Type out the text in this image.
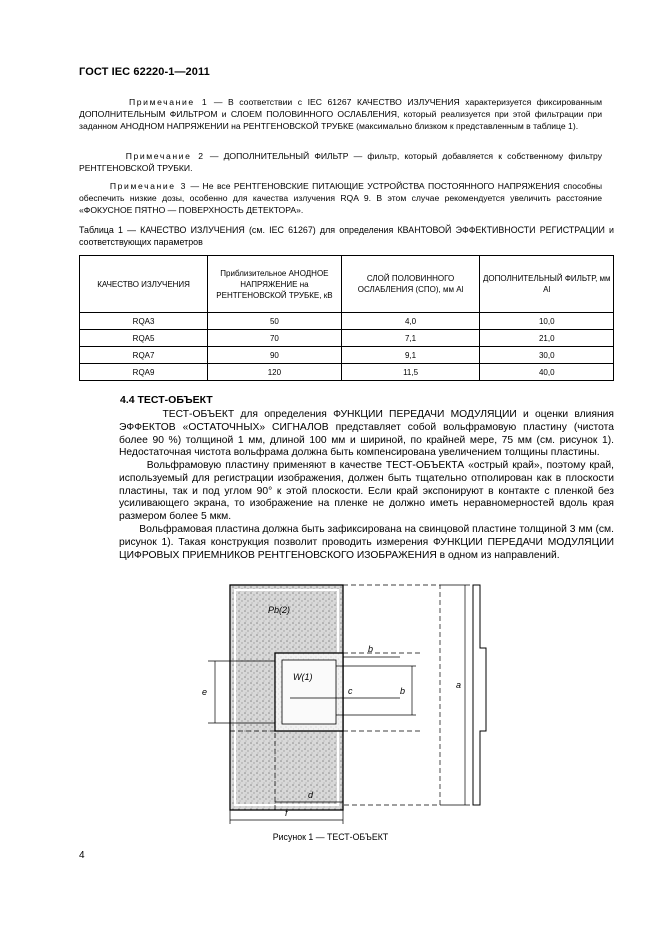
ГОСТ IEC 62220-1—2011
Примечание 1 — В соответствии с IEC 61267 КАЧЕСТВО ИЗЛУЧЕНИЯ характеризуется фиксированным ДОПОЛНИТЕЛЬНЫМ ФИЛЬТРОМ и СЛОЕМ ПОЛОВИННОГО ОСЛАБЛЕНИЯ, который реализуется при этой фильтрации при заданном АНОДНОМ НАПРЯЖЕНИИ на РЕНТГЕНОВСКОЙ ТРУБКЕ (максимально близком к представленным в таблице 1).
Примечание 2 — ДОПОЛНИТЕЛЬНЫЙ ФИЛЬТР — фильтр, который добавляется к собственному фильтру РЕНТГЕНОВСКОЙ ТРУБКИ.
Примечание 3 — Не все РЕНТГЕНОВСКИЕ ПИТАЮЩИЕ УСТРОЙСТВА ПОСТОЯННОГО НАПРЯЖЕНИЯ способны обеспечить низкие дозы, особенно для качества излучения RQA 9. В этом случае рекомендуется увеличить расстояние «ФОКУСНОЕ ПЯТНО — ПОВЕРХНОСТЬ ДЕТЕКТОРА».
Таблица 1 — КАЧЕСТВО ИЗЛУЧЕНИЯ (см. IEC 61267) для определения КВАНТОВОЙ ЭФФЕКТИВНОСТИ РЕГИСТРАЦИИ и соответствующих параметров
КАЧЕСТВО ИЗЛУЧЕНИЯ	Приблизительное АНОДНОЕ НАПРЯЖЕНИЕ на РЕНТГЕНОВСКОЙ ТРУБКЕ, кВ	СЛОЙ ПОЛОВИННОГО ОСЛАБЛЕНИЯ (СПО), мм Al	ДОПОЛНИТЕЛЬНЫЙ ФИЛЬТР, мм Al
RQA3	50	4,0	10,0
RQA5	70	7,1	21,0
RQA7	90	9,1	30,0
RQA9	120	11,5	40,0
4.4 ТЕСТ-ОБЪЕКТ
ТЕСТ-ОБЪЕКТ для определения ФУНКЦИИ ПЕРЕДАЧИ МОДУЛЯЦИИ и оценки влияния ЭФФЕКТОВ «ОСТАТОЧНЫХ» СИГНАЛОВ представляет собой вольфрамовую пластину (чистота более 90 %) толщиной 1 мм, длиной 100 мм и шириной, по крайней мере, 75 мм (см. рисунок 1). Недостаточная чистота вольфрама должна быть компенсирована увеличением толщины пластины.
Вольфрамовую пластину применяют в качестве ТЕСТ-ОБЪЕКТА «острый край», поэтому край, используемый для регистрации изображения, должен быть тщательно отполирован как в плоскости пластины, так и под углом 90° к этой плоскости. Если край экспонируют в контакте с пленкой без усиливающего экрана, то изображение на пленке не должно иметь неравномерностей вдоль края размером более 5 мкм.
Вольфрамовая пластина должна быть зафиксирована на свинцовой пластине толщиной 3 мм (см. рисунок 1). Такая конструкция позволит проводить измерения ФУНКЦИИ ПЕРЕДАЧИ МОДУЛЯЦИИ ЦИФРОВЫХ ПРИЕМНИКОВ РЕНТГЕНОВСКОГО ИЗОБРАЖЕНИЯ в одном из направлений.
e
b
b
c
a
d
f
Pb(2)
W(1)
Рисунок 1 — ТЕСТ-ОБЪЕКТ
4
